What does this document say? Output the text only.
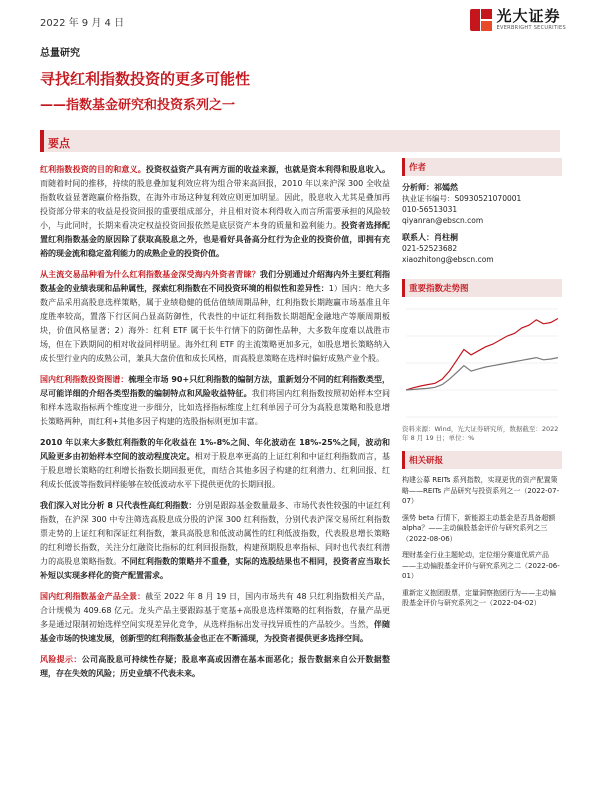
2022 年 9 月 4 日	光大证券
EVERBRIGHT SECURITIES
总量研究
寻找红利指数投资的更多可能性
——指数基金研究和投资系列之一
要点

红利指数投资的目的和意义。投资权益资产具有两方面的收益来源，也就是资本利得和股息收入。而随着时间的推移，持续的股息叠加复利效应将为组合带来高回报，2010 年以来沪深 300 全收益指数收益显著跑赢价格指数，在海外市场这种复利效应则更加明显。因此，股息收入尤其是叠加再投资部分带来的收益是投资回报的重要组成部分，并且相对资本利得收入而言所需要承担的风险较小，与此同时，长期来看决定权益投资回报依然是底层资产本身的质量和盈利能力。投资者选择配置红利指数基金的原因除了获取高股息之外，也是看好具备高分红行为企业的投资价值，即拥有充裕的现金流和稳定盈利能力的成熟企业的投资价值。

从主流交易品种看为什么红利指数基金深受海内外资者青睐？我们分别通过介绍海内外主要红利指数基金的业绩表现和品种属性，探索红利指数在不同投资环境的相似性和差异性：1）国内：绝大多数产品采用高股息选样策略，属于业绩稳健的低估值绩周期品种，红利指数长期跑赢市场基准且年度胜率较高，置落下行区间凸显高防御性，代表性的中证红利指数长期超配金融地产等顺周期板块，价值风格显著；2）海外：红利 ETF 属于长牛行情下的防御性品种，大多数年度难以战胜市场，但在下跌期间的相对收益同样明显。海外红利 ETF 的主流策略更加多元，如股息增长策略纳入成长型行业内的成熟公司，兼具大盘价值和成长风格，而高股息策略在选样时偏好成熟产业个股。

国内红利指数投资图谱：梳理全市场 90+只红利指数的编制方法，重新划分不同的红利指数类型，尽可能详细的介绍各类型指数的编制特点和风险收益特征。我们将国内红利指数按照初始样本空间和样本选取指标两个维度进一步细分，比如选择指标维度上红利单因子可分为高股息策略和股息增长策略两种，而红利+其他多因子构建的选股指标则更加丰富。

2010 年以来大多数红利指数的年化收益在 1%-8%之间、年化波动在 18%-25%之间，波动和风险更多由初始样本空间的波动程度决定。相对于股息率更高的上证红利和中证红利指数而言，基于股息增长策略的红利增长指数长期回报更优，而结合其他多因子构建的红利潜力、红利回报、红利成长低波等指数同样能够在较低波动水平下提供更优的长期回报。

我们深入对比分析 8 只代表性高红利指数：分别是跟踪基金数量最多、市场代表性较强的中证红利指数，在沪深 300 中专注筛选高股息成分股的沪深 300 红利指数，分别代表沪深交易所红利指数票走势的上证红利和深证红利指数，兼具高股息和低波动属性的红利低波指数，代表股息增长策略的红利增长指数，关注分红融资比指标的红利回报指数，构建预期股息率指标、同时也代表红利潜力的高股息策略指数。不同红利指数的策略并不重叠，实际的选股结果也不相同，投资者应当取长补短以实现多样化的资产配置需求。

国内红利指数基金产品全景：截至 2022 年 8 月 19 日，国内市场共有 48 只红利指数相关产品，合计规模为 409.68 亿元。龙头产品主要跟踪基于宽基+高股息选样策略的红利指数，存量产品更多是通过限制初始选样空间实现差异化竞争，从选样指标出发寻找异质性的产品较少。当然，伴随基金市场的快速发展，创新型的红利指数基金也正在不断涌现，为投资者提供更多选择空间。

风险提示：公司高股息可持续性存疑；股息率高或因潜在基本面恶化；报告数据来自公开数据整理，存在失效的风险；历史业绩不代表未来。

作者
分析师：祁嫣然
执业证书编号：S0930521070001
010-56513031
qiyanran@ebscn.com
联系人：肖柱桐
021-52523682
xiaozhitong@ebscn.com
重要指数走势图
资料来源：Wind，光大证券研究所，数据截至：2022 年 8 月 19 日；单位：%
相关研报
构建公募 REITs 系列指数，实现更优的资产配置策略——REITs 产品研究与投资系列之一（2022-07-07）
强势 beta 行情下，新能源主动基金是否具备超额 alpha？——主动偏股基金评价与研究系列之三（2022-08-06）
理财基金行业主题轮动，定位细分赛道优质产品——主动偏股基金评价与研究系列之二（2022-06-01）
重新定义抱团股票，定量洞察抱团行为——主动偏股基金评价与研究系列之一（2022-04-02）
